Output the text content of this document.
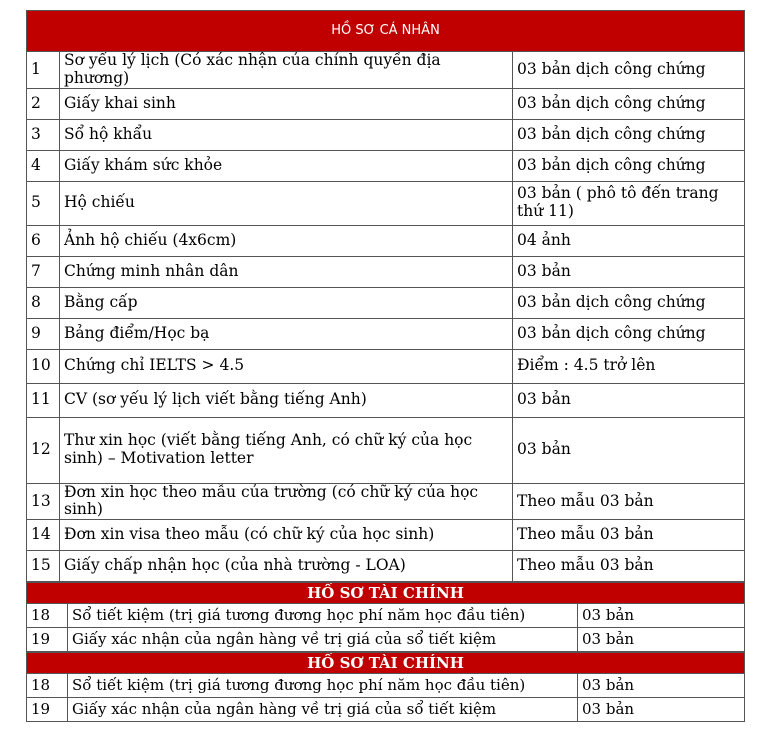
HỒ SƠ CÁ NHÂN		
1	Sơ yếu lý lịch (Có xác nhận của chính quyền địa phương)	03 bản dịch công chứng
2	Giấy khai sinh	03 bản dịch công chứng
3	Sổ hộ khẩu	03 bản dịch công chứng
4	Giấy khám sức khỏe	03 bản dịch công chứng
5	Hộ chiếu	03 bản ( phô tô đến trang thứ 11)
6	Ảnh hộ chiếu (4x6cm)	04 ảnh
7	Chứng minh nhân dân	03 bản
8	Bằng cấp	03 bản dịch công chứng
9	Bảng điểm/Học bạ	03 bản dịch công chứng
10	Chứng chỉ IELTS > 4.5	Điểm : 4.5 trở lên
11	CV (sơ yếu lý lịch viết bằng tiếng Anh)	03 bản
12	Thư xin học (viết bằng tiếng Anh, có chữ ký của học sinh) – Motivation letter	03 bản
13	Đơn xin học theo mẫu của trường (có chữ ký của học sinh)	Theo mẫu 03 bản
14	Đơn xin visa theo mẫu (có chữ ký của học sinh)	Theo mẫu 03 bản
15	Giấy chấp nhận học (của nhà trường - LOA)	Theo mẫu 03 bản
HỒ SƠ TÀI CHÍNH		
18	Sổ tiết kiệm (trị giá tương đương học phí năm học đầu tiên)	03 bản
19	Giấy xác nhận của ngân hàng về trị giá của sổ tiết kiệm	03 bản
HỒ SƠ TÀI CHÍNH		
18	Sổ tiết kiệm (trị giá tương đương học phí năm học đầu tiên)	03 bản
19	Giấy xác nhận của ngân hàng về trị giá của sổ tiết kiệm	03 bản
